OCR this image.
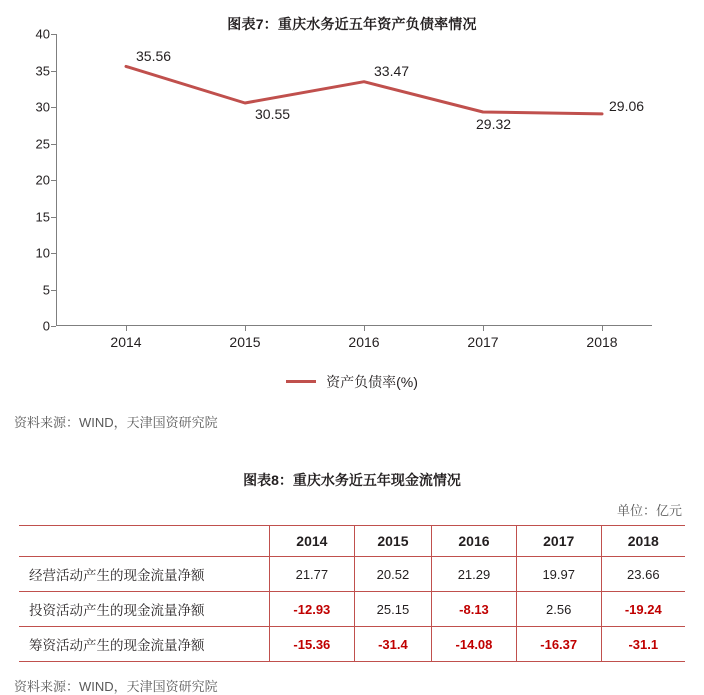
图表7：重庆水务近五年资产负债率情况
0
5
10
15
20
25
30
35
40
2014	2015	2016	2017	2018
35.56
30.55
33.47
29.32
29.06
资产负债率(%)
资料来源：WIND，天津国资研究院
图表8：重庆水务近五年现金流情况
单位：亿元
	2014	2015	2016	2017	2018
经营活动产生的现金流量净额	21.77	20.52	21.29	19.97	23.66
投资活动产生的现金流量净额	-12.93	25.15	-8.13	2.56	-19.24
筹资活动产生的现金流量净额	-15.36	-31.4	-14.08	-16.37	-31.1
资料来源：WIND，天津国资研究院
